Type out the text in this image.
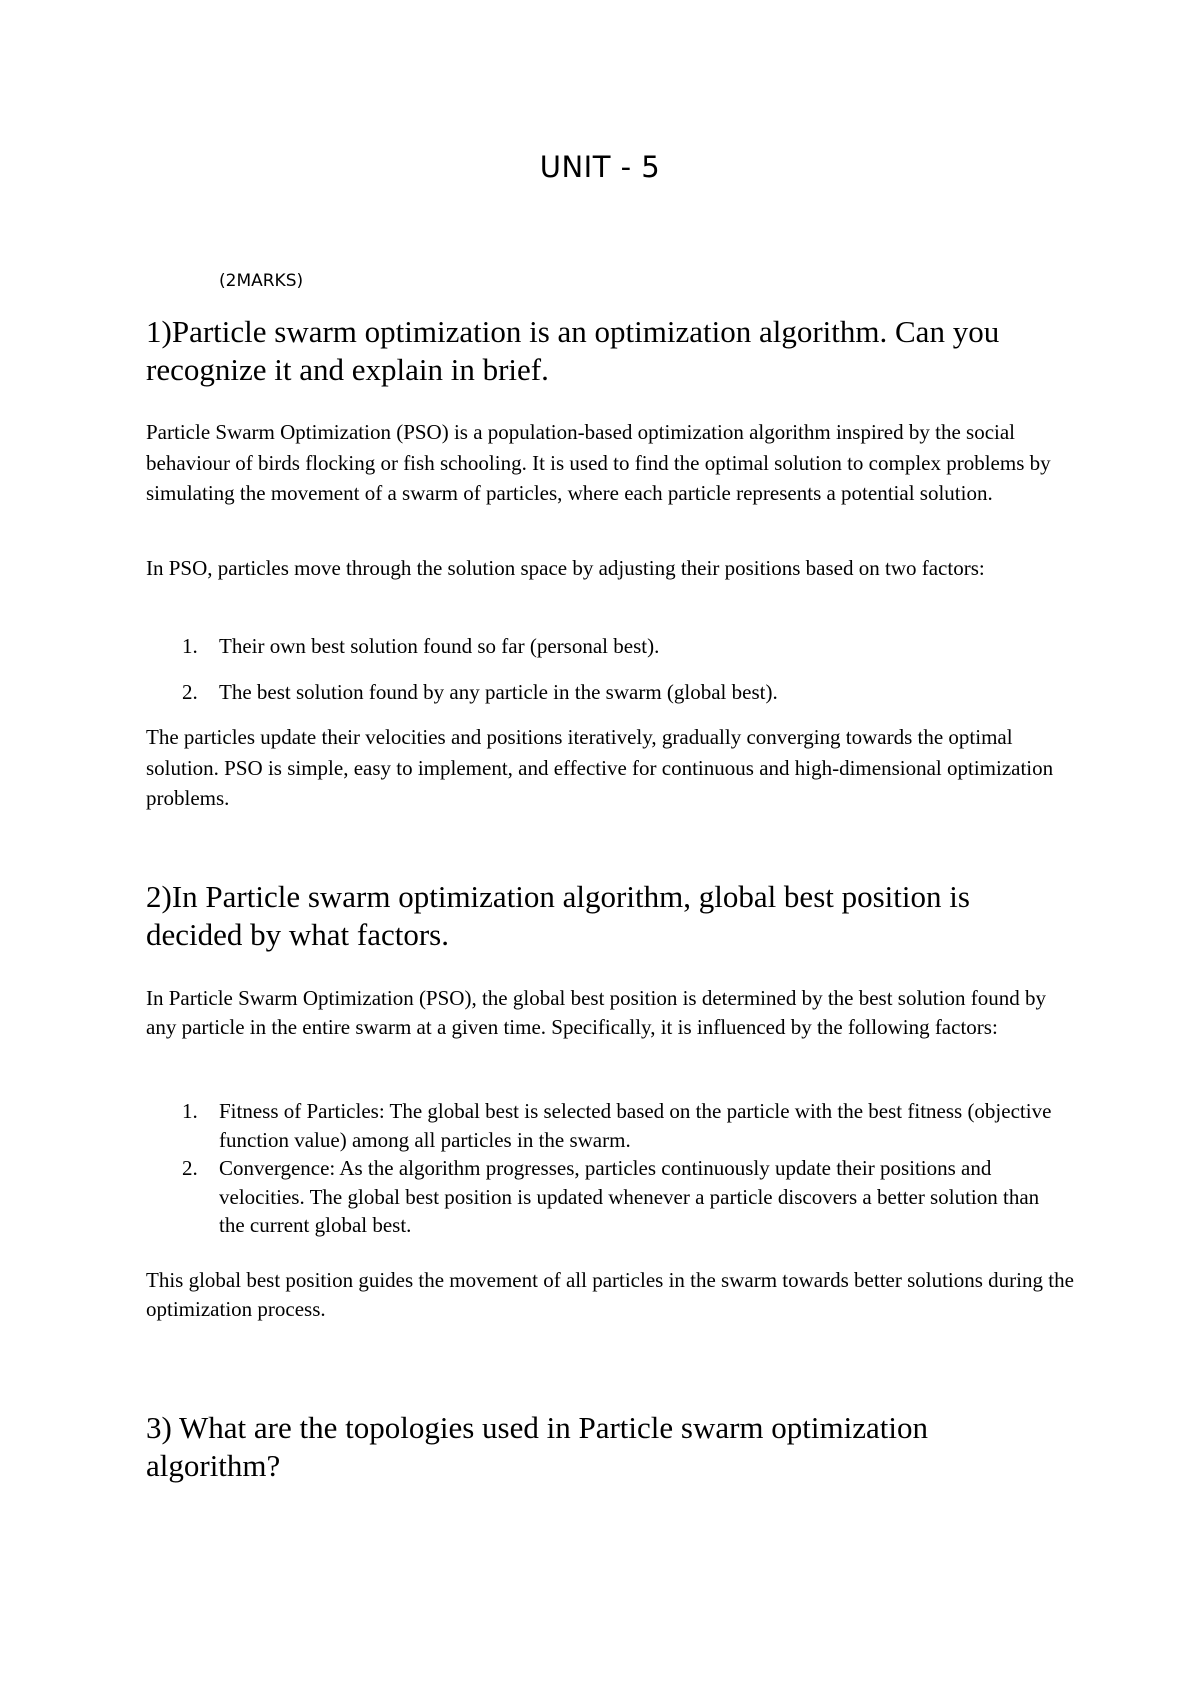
UNIT - 5
(2MARKS)
1)Particle swarm optimization is an optimization algorithm. Can you recognize it and explain in brief.

Particle Swarm Optimization (PSO) is a population-based optimization algorithm inspired by the social behaviour of birds flocking or fish schooling. It is used to find the optimal solution to complex problems by simulating the movement of a swarm of particles, where each particle represents a potential solution.

In PSO, particles move through the solution space by adjusting their positions based on two factors:

1. Their own best solution found so far (personal best).
2. The best solution found by any particle in the swarm (global best).

The particles update their velocities and positions iteratively, gradually converging towards the optimal solution. PSO is simple, easy to implement, and effective for continuous and high-dimensional optimization problems.

2)In Particle swarm optimization algorithm, global best position is decided by what factors.

In Particle Swarm Optimization (PSO), the global best position is determined by the best solution found by any particle in the entire swarm at a given time. Specifically, it is influenced by the following factors:

1. Fitness of Particles: The global best is selected based on the particle with the best fitness (objective function value) among all particles in the swarm.
2. Convergence: As the algorithm progresses, particles continuously update their positions and velocities. The global best position is updated whenever a particle discovers a better solution than the current global best.

This global best position guides the movement of all particles in the swarm towards better solutions during the optimization process.

3) What are the topologies used in Particle swarm optimization algorithm?
